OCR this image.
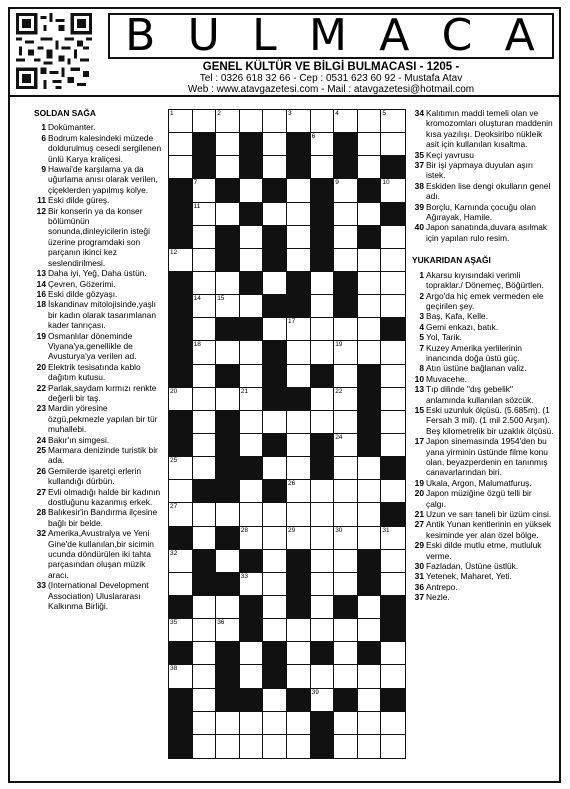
B U L M A C A
GENEL KÜLTÜR VE BİLGİ BULMACASI - 1205 -
Tel : 0326 618 32 66 - Cep : 0531 623 60 92 - Mustafa Atav
Web : www.atavgazetesi.com - Mail : atavgazetesi@hotmail.com
SOLDAN SAĞA
1 Dokümanter.
6 Bodrum kalesindeki müzede doldurulmuş cesedi sergilenen ünlü Karya kraliçesi.
9 Hawai'de karşılama ya da uğurlama anısı olarak verilen, çiçeklerden yapılmış kolye.
11 Eski dilde güreş.
12 Bir konserin ya da konser bölümünün sonunda,dinleyicilerin isteği üzerine programdaki son parçanın ikinci kez seslendirilmesi.
13 Daha iyi, Yeğ, Daha üstün.
14 Çevren, Gözerimi.
16 Eski dilde gözyaşı.
18 İskandinav mitolojisinde,yaşlı bir kadın olarak tasarımlanan kader tanrıçası.
19 Osmanlılar döneminde Viyana'ya,genellikle de Avusturya'ya verilen ad.
20 Elektrik tesisatında kablo dağıtım kutusu.
22 Parlak,saydam kırmızı renkte değerli bir taş.
23 Mardin yöresine özgü,pekmezle yapılan bir tür muhallebi.
24 Bakır'ın simgesi.
25 Marmara denizinde turistik bir ada.
26 Gemilerde işaretçi erlerin kullandığı dürbün.
27 Evli olmadığı halde bir kadının dostluğunu kazanmış erkek.
28 Balıkesir'in Bandırma ilçesine bağlı bir belde.
32 Amerika,Avustralya ve Yeni Gine'de kullanılan,bir sicimin ucunda döndürülen iki tahta parçasından oluşan müzik aracı.
33 (International Development Association) Uluslararası Kalkınma Birliği.
1	2	3	4	5
6
7	9	10
11
12
14	15
17
18	19
20	21	22
24
25
26
27
28	29	30	31
32
33
35	36
38
39
34 Kalıtımın maddi temeli olan ve kromozomları oluşturan maddenin kısa yazılışı. Deoksiribo nükleik asit için kullanılan kısaltma.
35 Keçi yavrusu
37 Bir işi yapmaya duyulan aşırı istek.
38 Eskiden lise dengi okulların genel adı.
39 Borçlu, Karnında çocuğu olan Ağırayak, Hamile.
40 Japon sanatında,duvara asılmak için yapılan rulo resim.
YUKARIDAN AŞAĞI
1 Akarsu kıyısındaki verimli topraklar./ Dönemeç, Böğürtlen.
2 Argo'da hiç emek vermeden ele geçirilen şey.
3 Baş, Kafa, Kelle.
4 Gemi enkazı, batık.
5 Yol, Tarik.
7 Kuzey Amerika yerlilerinin inancında doğa üstü güç.
8 Atın üstüne bağlanan valiz.
10 Muvacehe.
13 Tıp dilinde "dış gebelik" anlamında kullanılan sözcük.
15 Eski uzunluk ölçüsü. (5.685m). (1 Fersah 3 mil). (1 mil 2.500 Arşın). Beş kilometrelik bir uzaklık ölçüsü.
17 Japon sinemasında 1954'den bu yana yirminin üstünde filme konu olan, beyazperdenin en tanınmış canavarlarından biri.
19 Ukala, Argon, Malumatfuruş.
20 Japon müziğine özgü telli bir çalgı.
21 Uzun ve sarı taneli bir üzüm cinsi.
27 Antik Yunan kentlerinin en yüksek kesiminde yer alan özel bölge.
29 Eski dilde mutlu etme, mutluluk verme.
30 Fazladan, Üstüne üstlük.
31 Yetenek, Maharet, Yeti.
36 Antrepo.
37 Nezle.
